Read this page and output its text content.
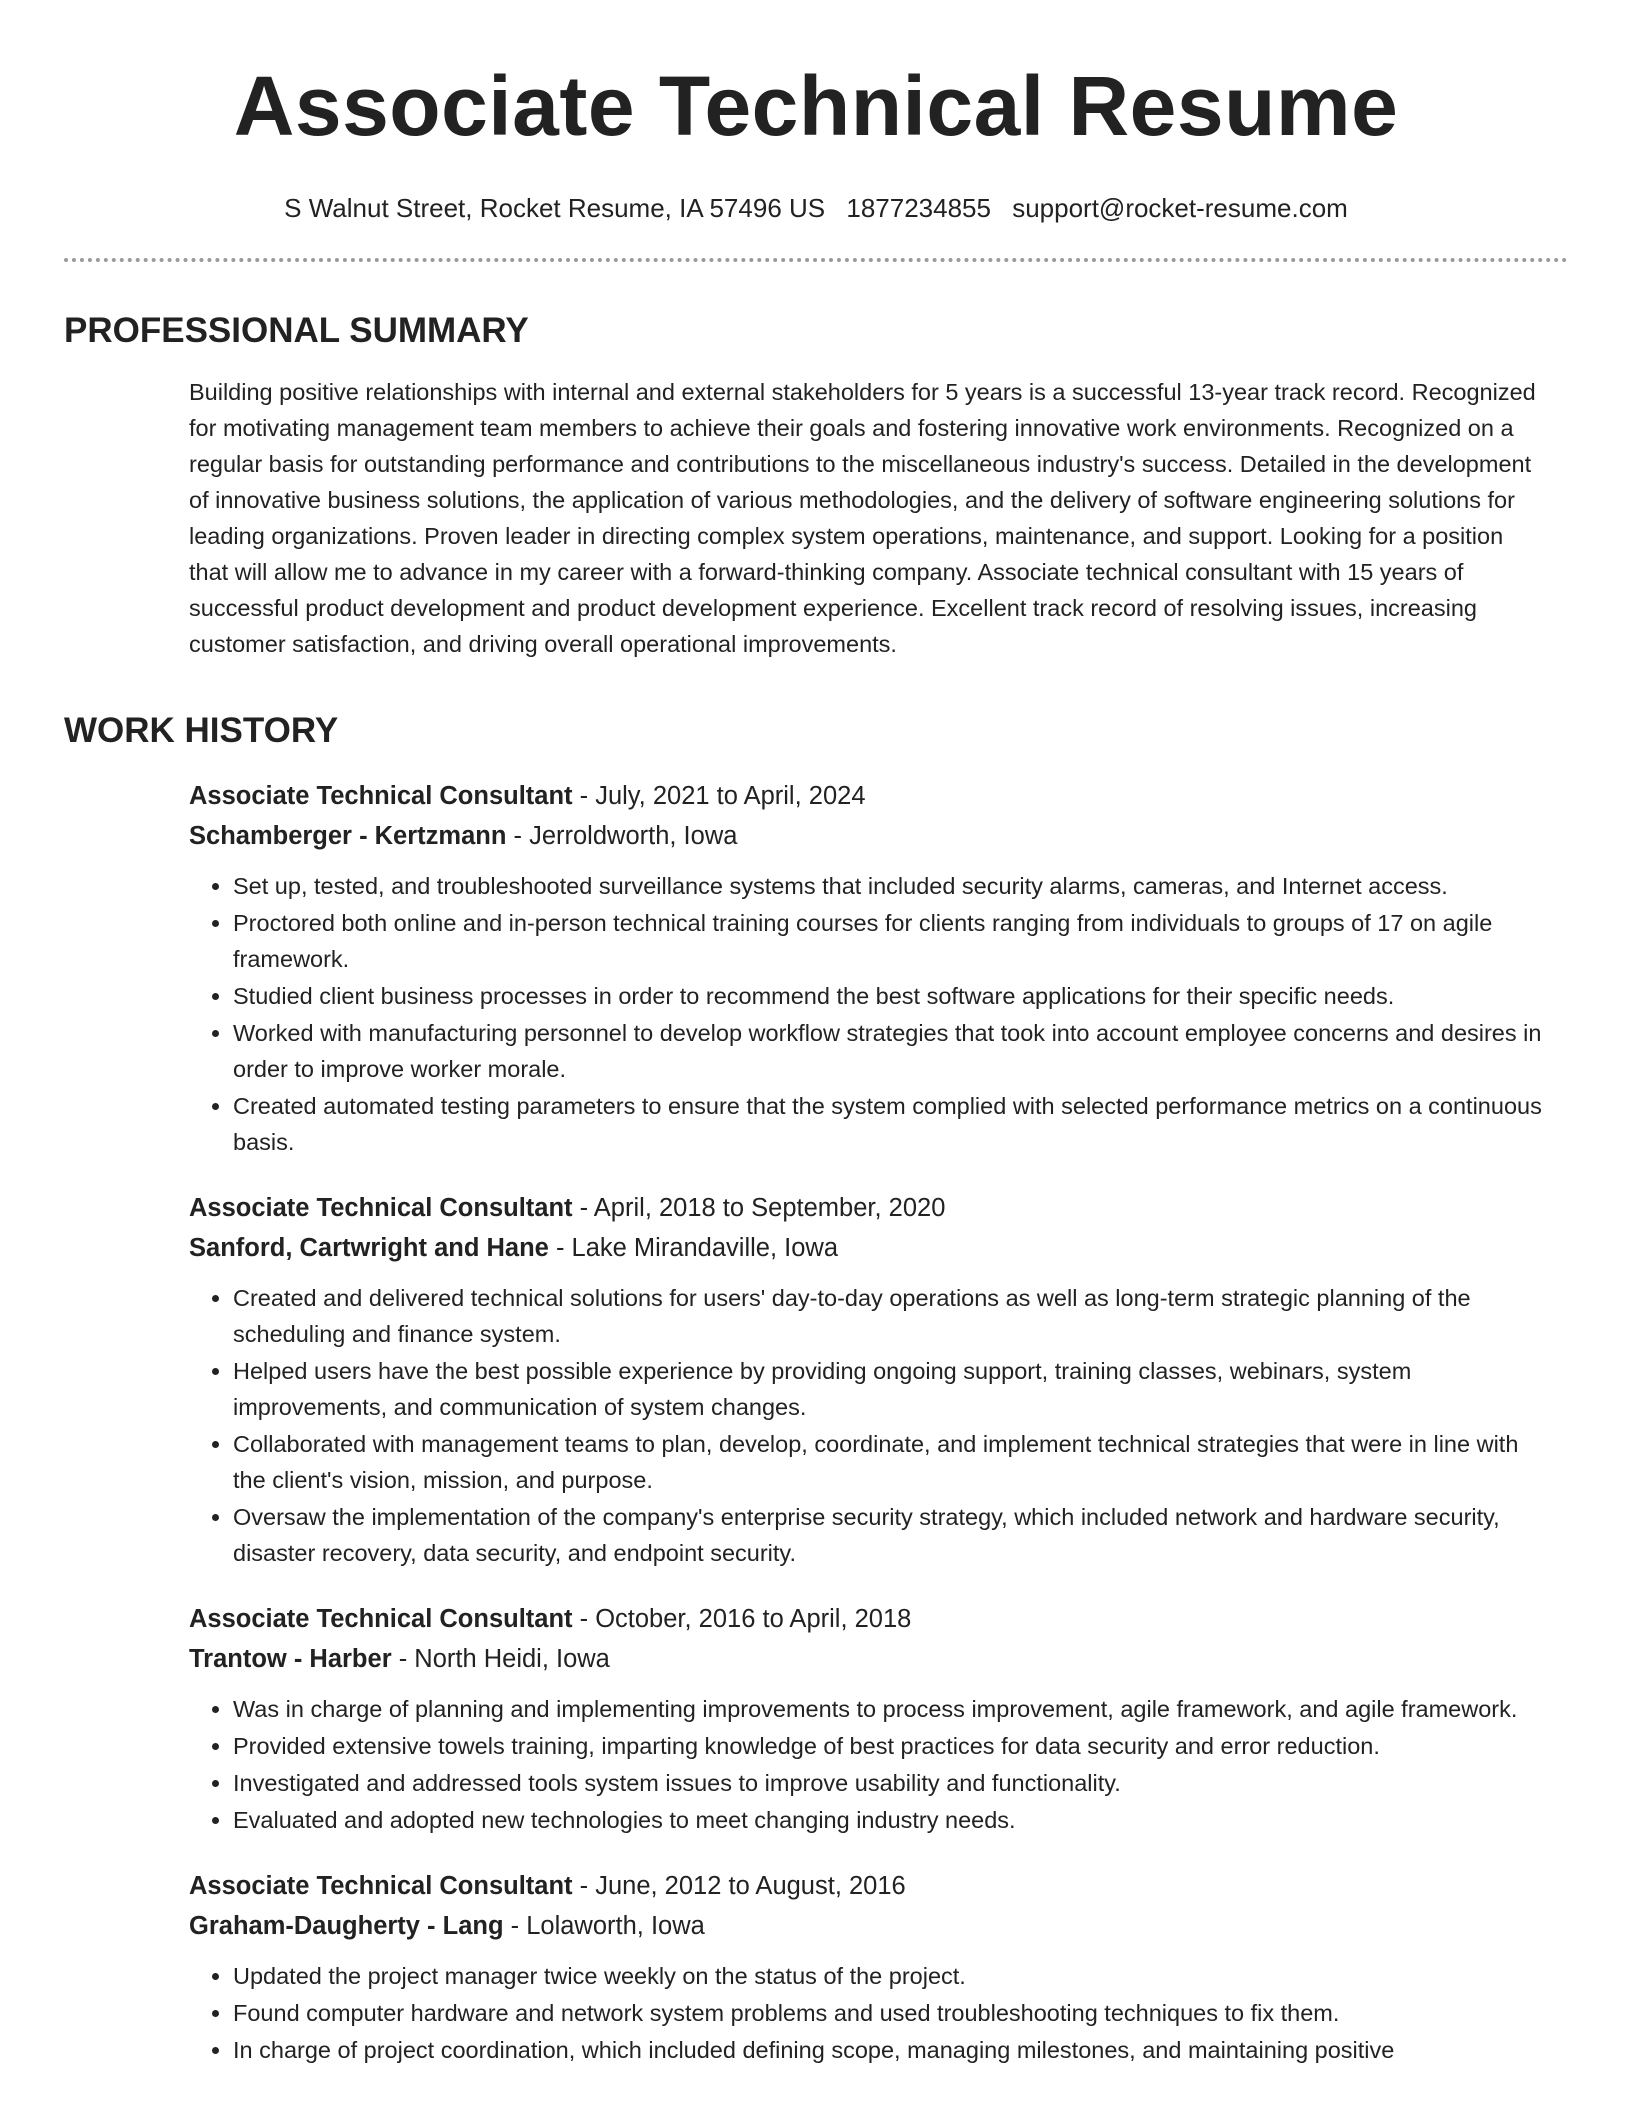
Associate Technical Resume
S Walnut Street, Rocket Resume, IA 57496 US 1877234855 support@rocket-resume.com
PROFESSIONAL SUMMARY
Building positive relationships with internal and external stakeholders for 5 years is a successful 13-year track record. Recognized for motivating management team members to achieve their goals and fostering innovative work environments. Recognized on a regular basis for outstanding performance and contributions to the miscellaneous industry's success. Detailed in the development of innovative business solutions, the application of various methodologies, and the delivery of software engineering solutions for leading organizations. Proven leader in directing complex system operations, maintenance, and support. Looking for a position that will allow me to advance in my career with a forward-thinking company. Associate technical consultant with 15 years of successful product development and product development experience. Excellent track record of resolving issues, increasing customer satisfaction, and driving overall operational improvements.
WORK HISTORY
Associate Technical Consultant - July, 2021 to April, 2024
Schamberger - Kertzmann - Jerroldworth, Iowa
• Set up, tested, and troubleshooted surveillance systems that included security alarms, cameras, and Internet access.
• Proctored both online and in-person technical training courses for clients ranging from individuals to groups of 17 on agile framework.
• Studied client business processes in order to recommend the best software applications for their specific needs.
• Worked with manufacturing personnel to develop workflow strategies that took into account employee concerns and desires in order to improve worker morale.
• Created automated testing parameters to ensure that the system complied with selected performance metrics on a continuous basis.
Associate Technical Consultant - April, 2018 to September, 2020
Sanford, Cartwright and Hane - Lake Mirandaville, Iowa
• Created and delivered technical solutions for users' day-to-day operations as well as long-term strategic planning of the scheduling and finance system.
• Helped users have the best possible experience by providing ongoing support, training classes, webinars, system improvements, and communication of system changes.
• Collaborated with management teams to plan, develop, coordinate, and implement technical strategies that were in line with the client's vision, mission, and purpose.
• Oversaw the implementation of the company's enterprise security strategy, which included network and hardware security, disaster recovery, data security, and endpoint security.
Associate Technical Consultant - October, 2016 to April, 2018
Trantow - Harber - North Heidi, Iowa
• Was in charge of planning and implementing improvements to process improvement, agile framework, and agile framework.
• Provided extensive towels training, imparting knowledge of best practices for data security and error reduction.
• Investigated and addressed tools system issues to improve usability and functionality.
• Evaluated and adopted new technologies to meet changing industry needs.
Associate Technical Consultant - June, 2012 to August, 2016
Graham-Daugherty - Lang - Lolaworth, Iowa
• Updated the project manager twice weekly on the status of the project.
• Found computer hardware and network system problems and used troubleshooting techniques to fix them.
• In charge of project coordination, which included defining scope, managing milestones, and maintaining positive
